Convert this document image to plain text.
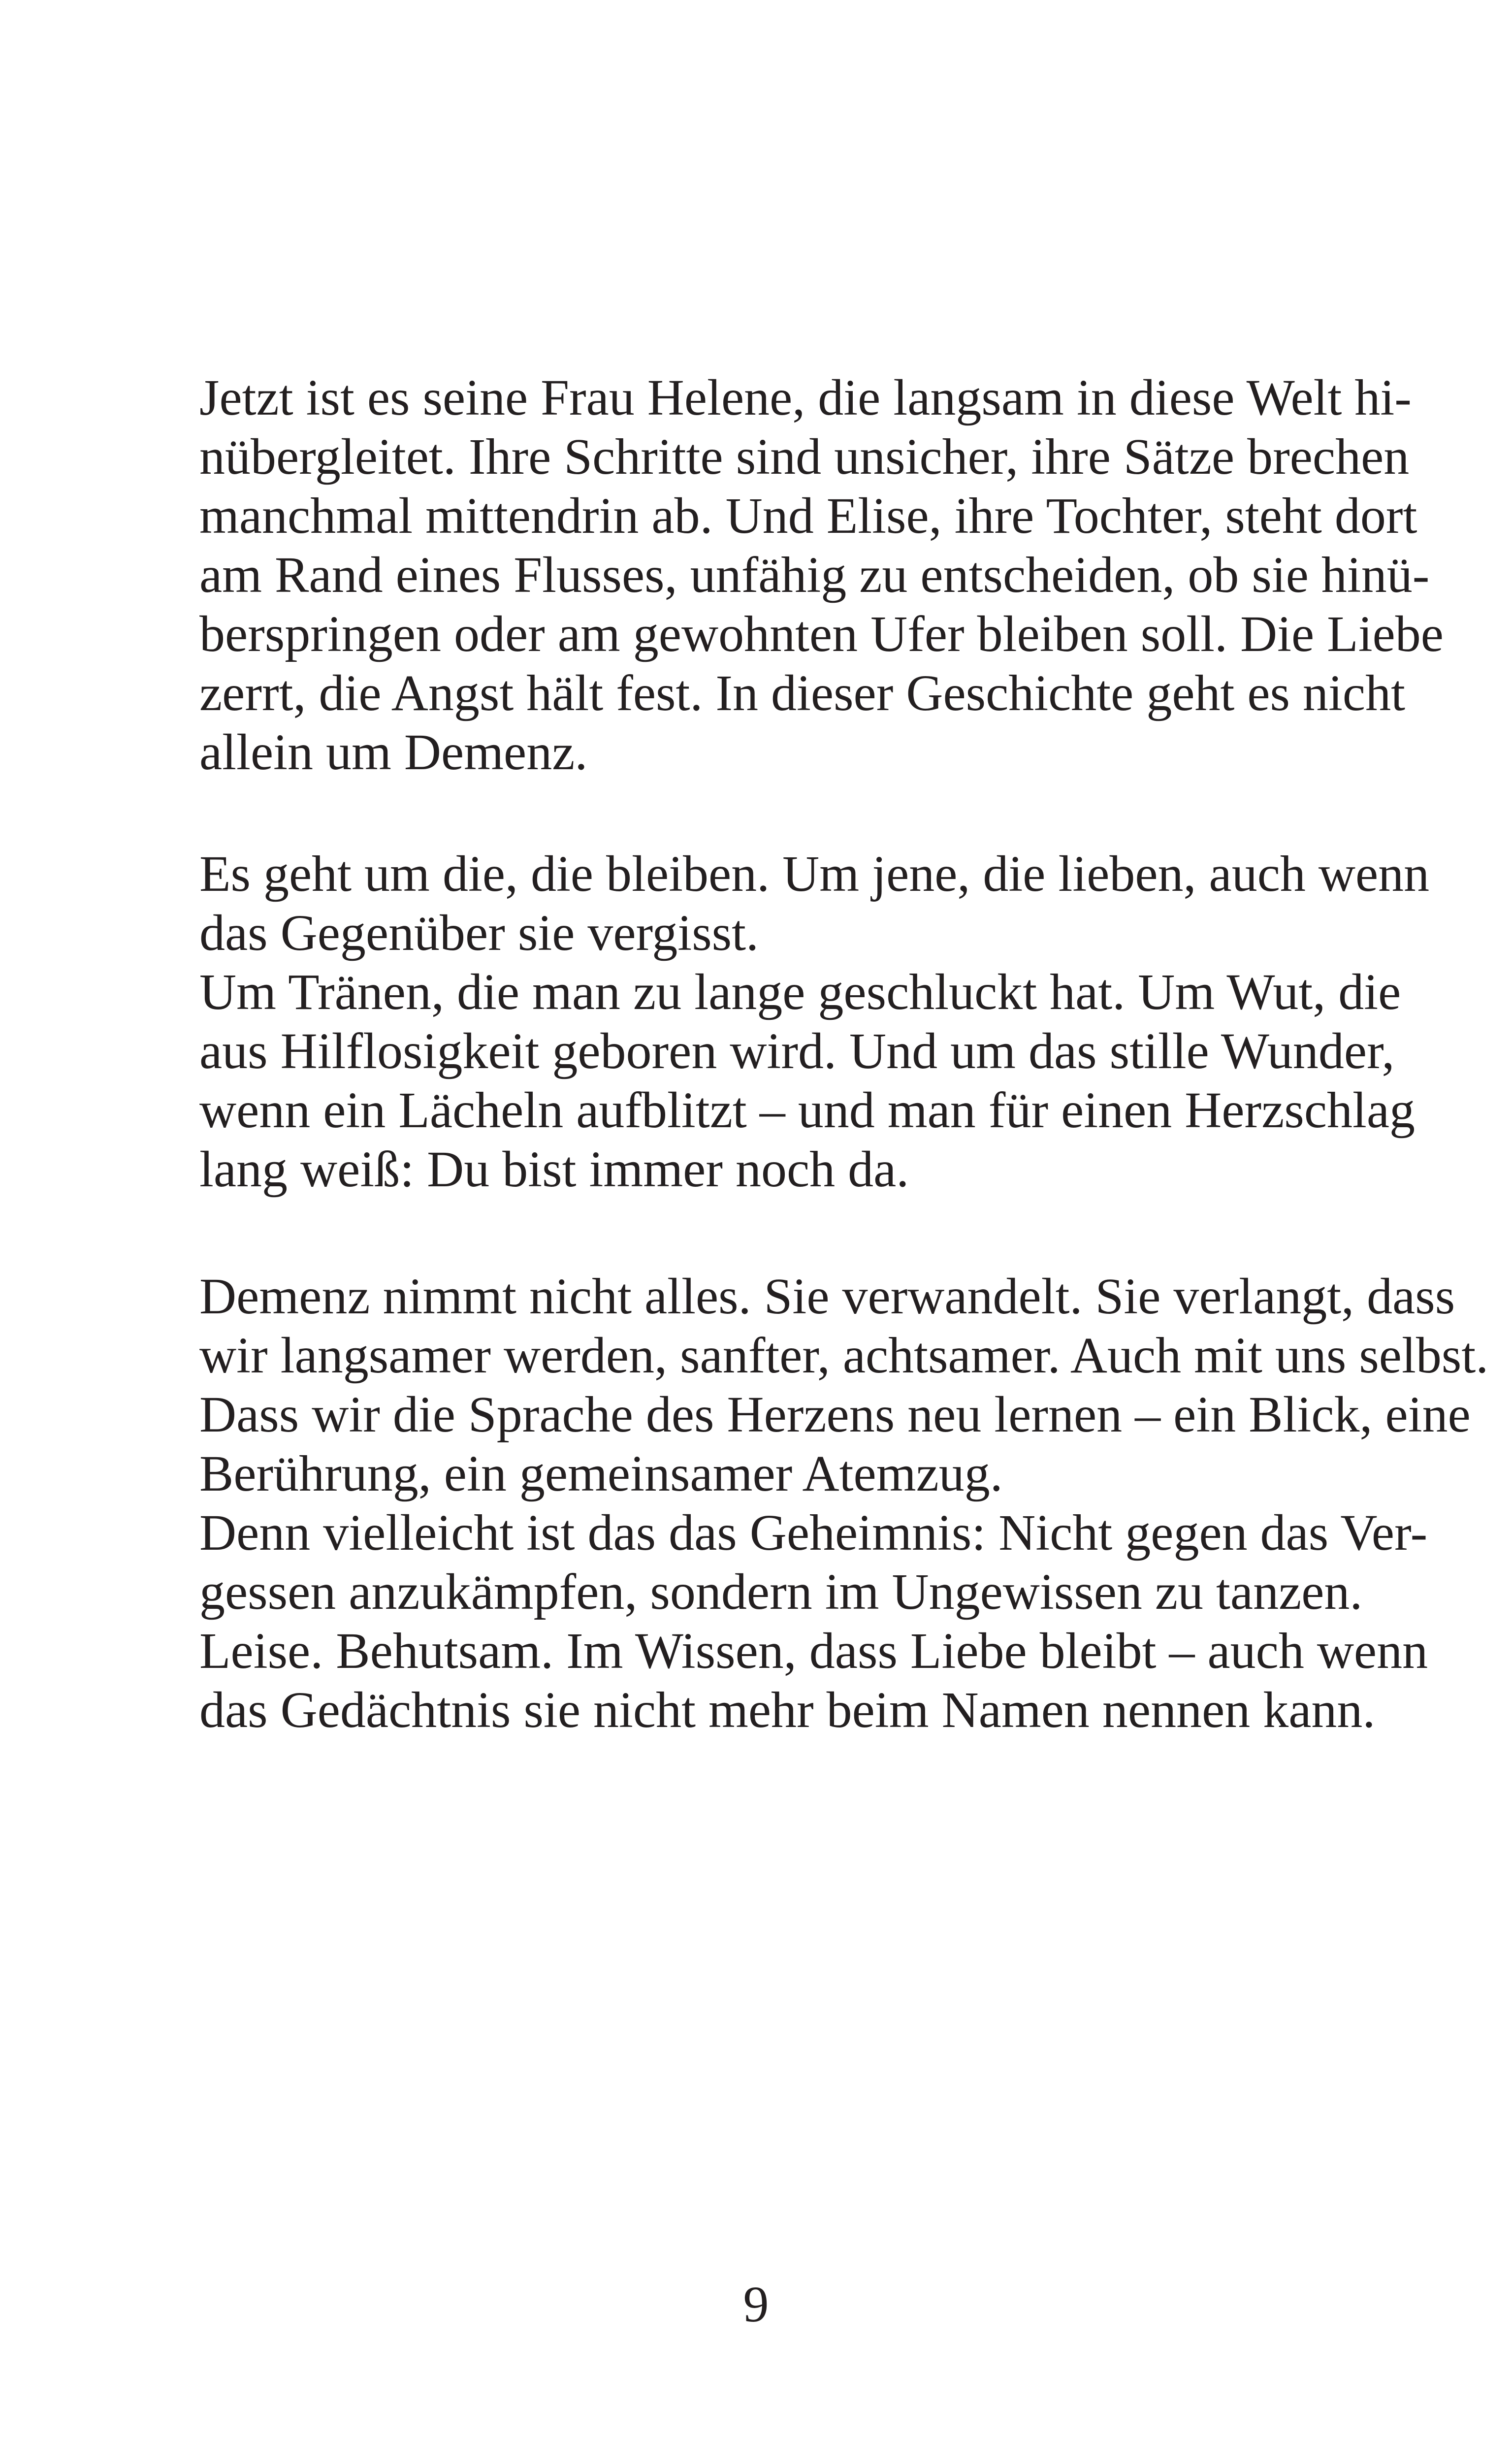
Jetzt ist es seine Frau Helene, die langsam in diese Welt hi-
nübergleitet. Ihre Schritte sind unsicher, ihre Sätze brechen
manchmal mittendrin ab. Und Elise, ihre Tochter, steht dort
am Rand eines Flusses, unfähig zu entscheiden, ob sie hinü-
berspringen oder am gewohnten Ufer bleiben soll. Die Liebe
zerrt, die Angst hält fest. In dieser Geschichte geht es nicht
allein um Demenz.

Es geht um die, die bleiben. Um jene, die lieben, auch wenn
das Gegenüber sie vergisst.
Um Tränen, die man zu lange geschluckt hat. Um Wut, die
aus Hilflosigkeit geboren wird. Und um das stille Wunder,
wenn ein Lächeln aufblitzt – und man für einen Herzschlag
lang weiß: Du bist immer noch da.

Demenz nimmt nicht alles. Sie verwandelt. Sie verlangt, dass
wir langsamer werden, sanfter, achtsamer. Auch mit uns selbst.
Dass wir die Sprache des Herzens neu lernen – ein Blick, eine
Berührung, ein gemeinsamer Atemzug.
Denn vielleicht ist das das Geheimnis: Nicht gegen das Ver-
gessen anzukämpfen, sondern im Ungewissen zu tanzen.
Leise. Behutsam. Im Wissen, dass Liebe bleibt – auch wenn
das Gedächtnis sie nicht mehr beim Namen nennen kann.

9
